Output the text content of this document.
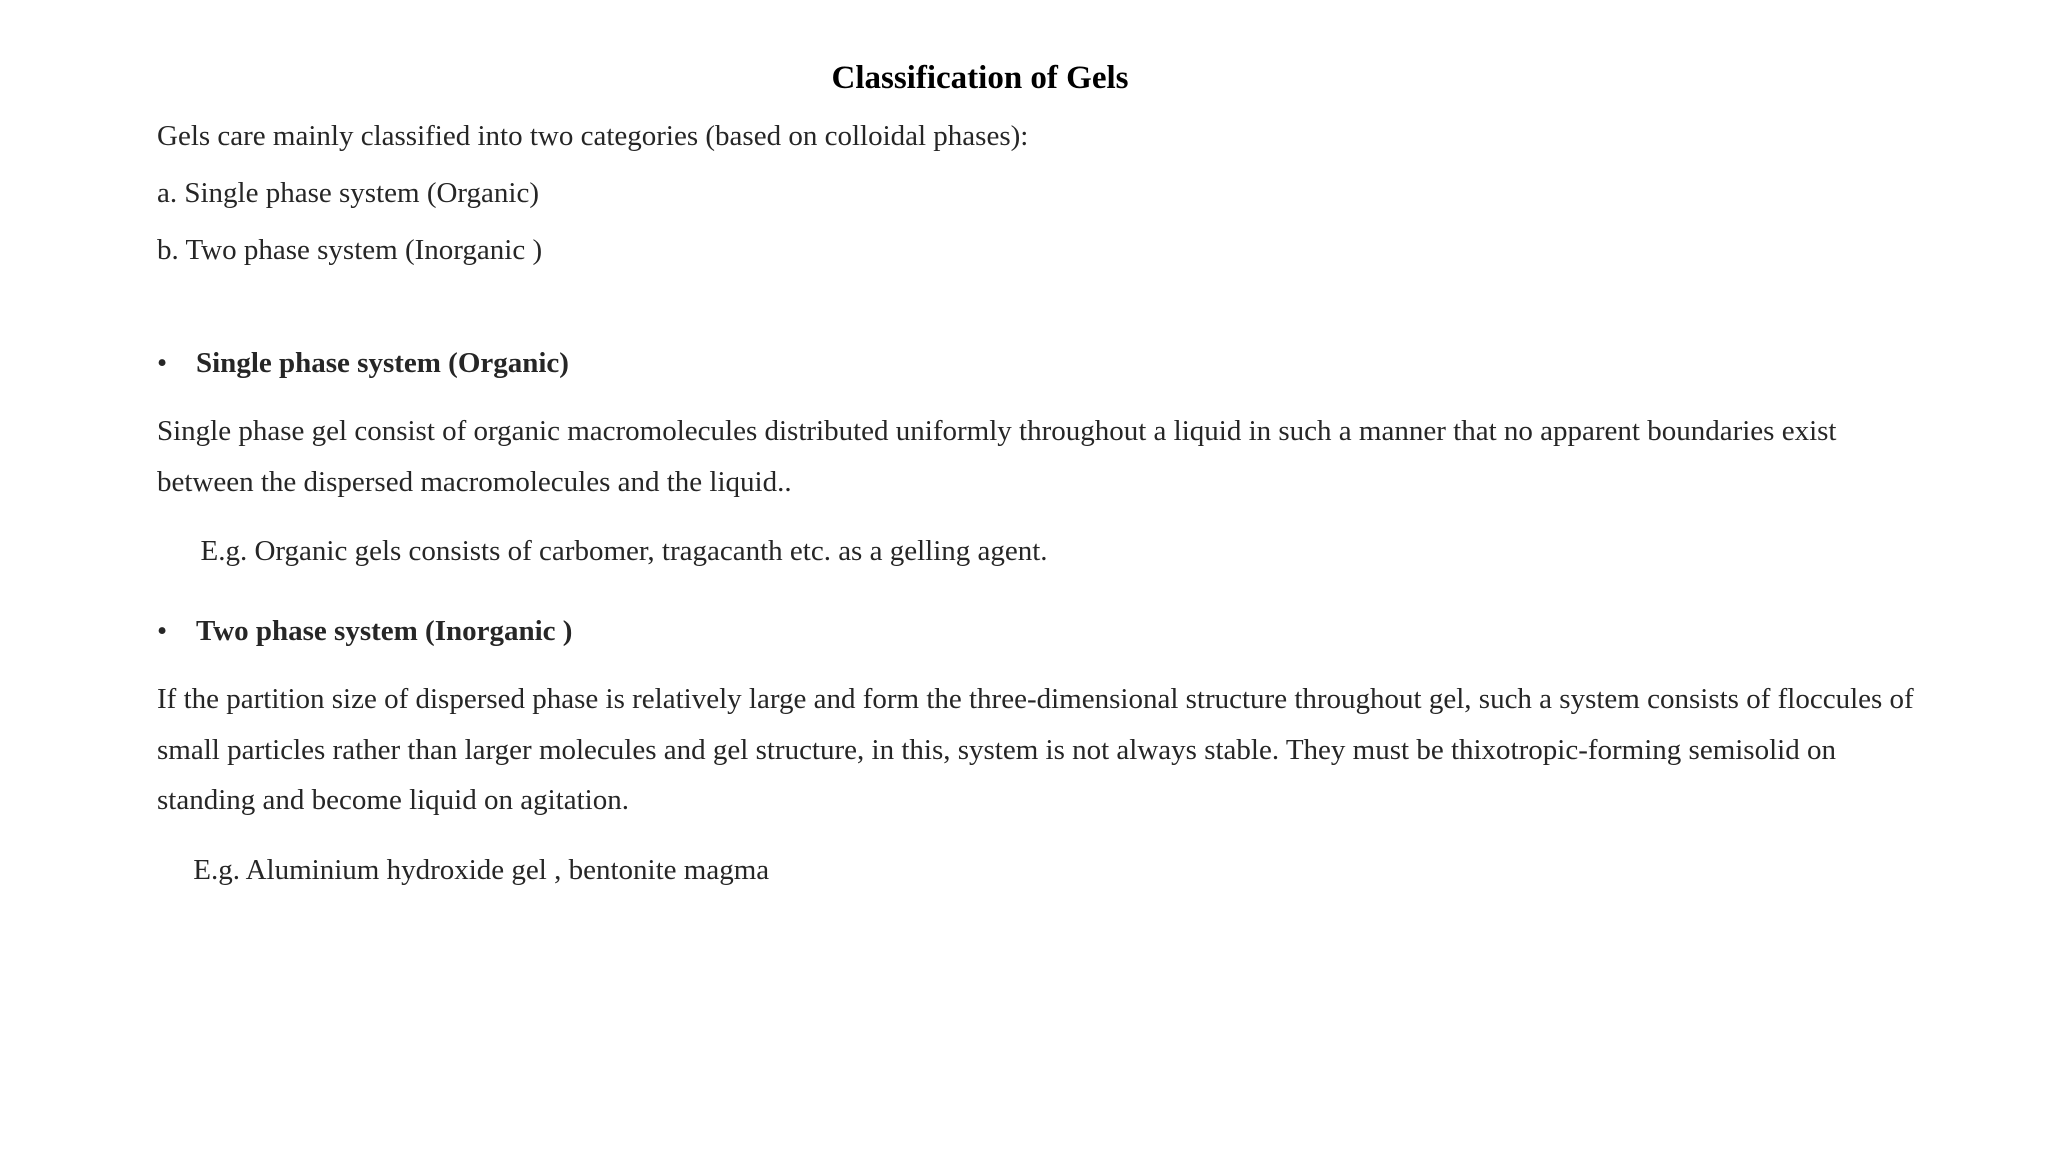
Classification of Gels

Gels care mainly classified into two categories (based on colloidal phases):

a. Single phase system (Organic)

b. Two phase system (Inorganic )

• Single phase system (Organic)

Single phase gel consist of organic macromolecules distributed uniformly throughout a liquid in such a manner that no apparent boundaries exist between the dispersed macromolecules and the liquid..

E.g. Organic gels consists of carbomer, tragacanth etc. as a gelling agent.

• Two phase system (Inorganic )

If the partition size of dispersed phase is relatively large and form the three-dimensional structure throughout gel, such a system consists of floccules of small particles rather than larger molecules and gel structure, in this, system is not always stable. They must be thixotropic-forming semisolid on standing and become liquid on agitation.

E.g. Aluminium hydroxide gel , bentonite magma
